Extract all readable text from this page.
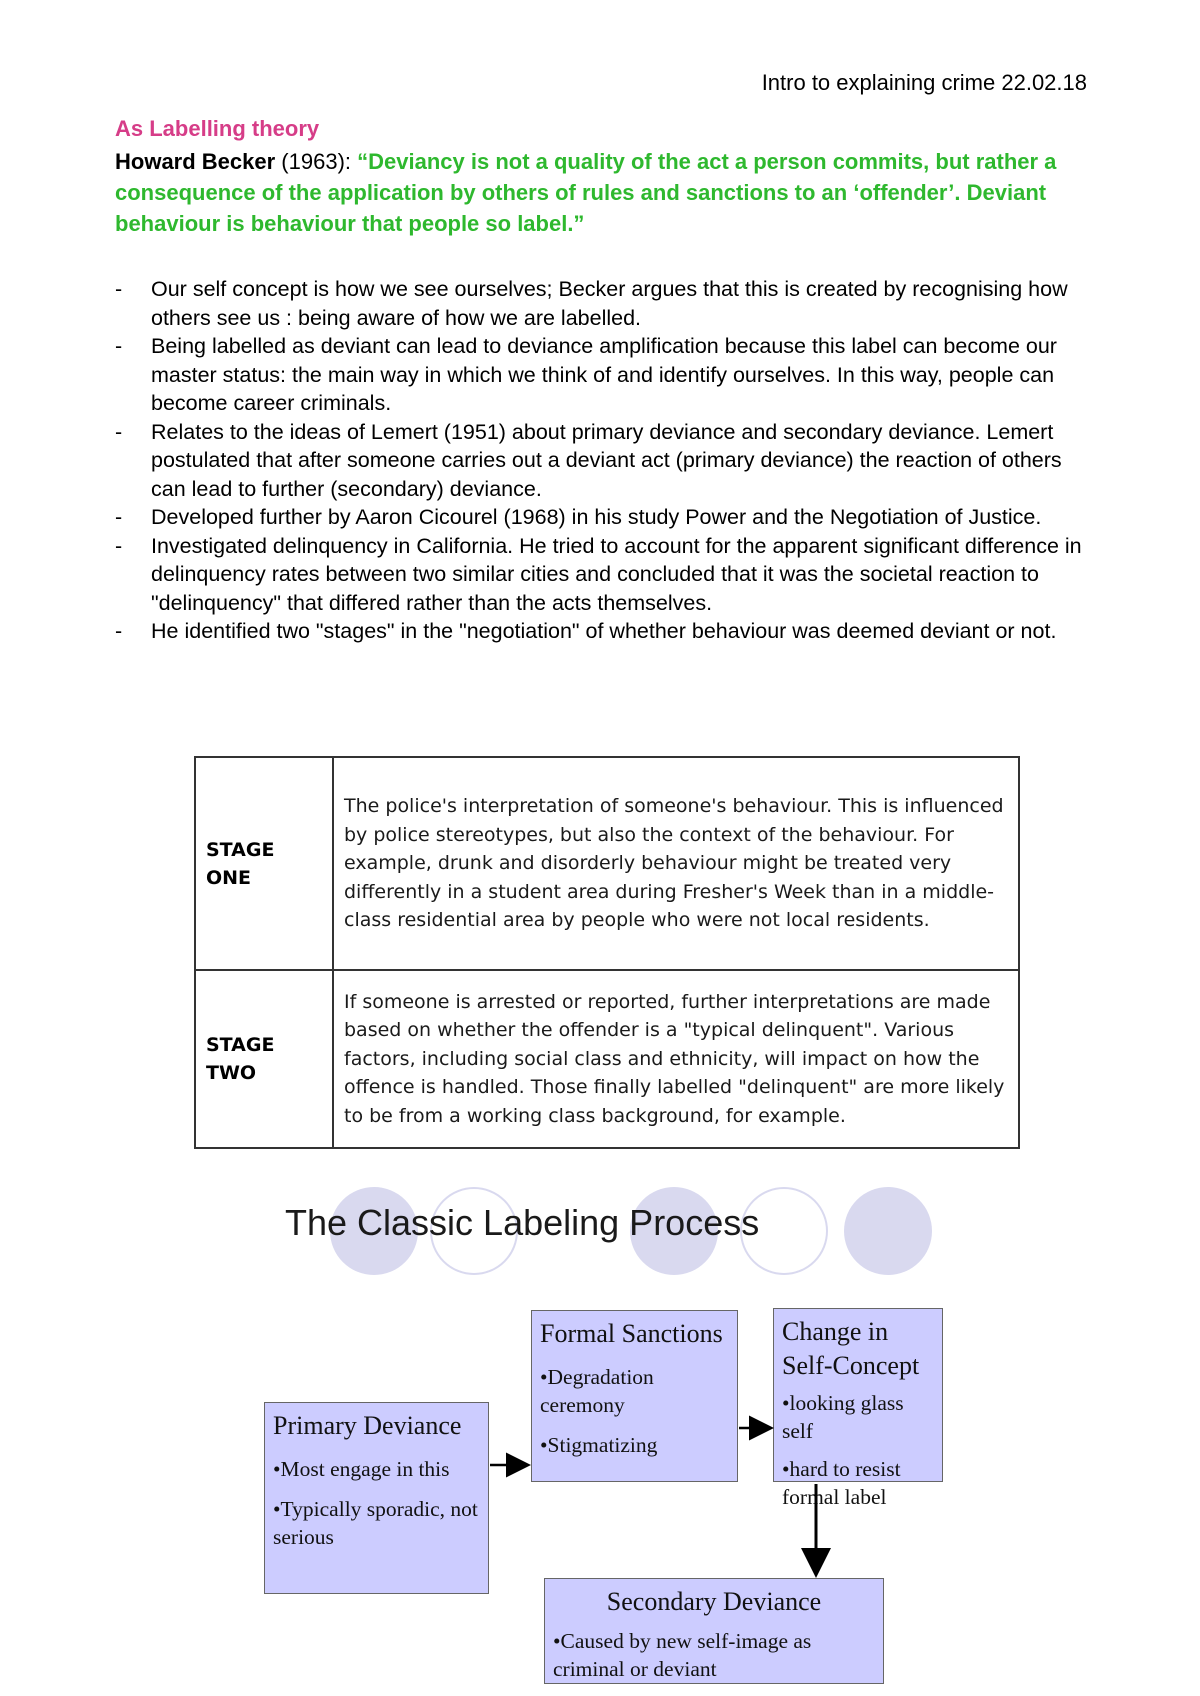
Intro to explaining crime 22.02.18
As Labelling theory
Howard Becker (1963): “Deviancy is not a quality of the act a person commits, but rather a consequence of the application by others of rules and sanctions to an ‘offender’. Deviant behaviour is behaviour that people so label.”
- Our self concept is how we see ourselves; Becker argues that this is created by recognising how others see us : being aware of how we are labelled.
- Being labelled as deviant can lead to deviance amplification because this label can become our master status: the main way in which we think of and identify ourselves. In this way, people can become career criminals.
- Relates to the ideas of Lemert (1951) about primary deviance and secondary deviance. Lemert postulated that after someone carries out a deviant act (primary deviance) the reaction of others can lead to further (secondary) deviance.
- Developed further by Aaron Cicourel (1968) in his study Power and the Negotiation of Justice.
- Investigated delinquency in California. He tried to account for the apparent significant difference in delinquency rates between two similar cities and concluded that it was the societal reaction to "delinquency" that differed rather than the acts themselves.
- He identified two "stages" in the "negotiation" of whether behaviour was deemed deviant or not.
STAGE
ONE	The police's interpretation of someone's behaviour. This is influenced by police stereotypes, but also the context of the behaviour. For example, drunk and disorderly behaviour might be treated very differently in a student area during Fresher's Week than in a middle-class residential area by people who were not local residents.
STAGE
TWO	If someone is arrested or reported, further interpretations are made based on whether the offender is a "typical delinquent". Various factors, including social class and ethnicity, will impact on how the offence is handled. Those finally labelled "delinquent" are more likely to be from a working class background, for example.
The Classic Labeling Process
Primary Deviance
•Most engage in this
•Typically sporadic, not serious
Formal Sanctions
•Degradation ceremony
•Stigmatizing
Change in Self-Concept
•looking glass self
•hard to resist formal label
Secondary Deviance
•Caused by new self-image as criminal or deviant
